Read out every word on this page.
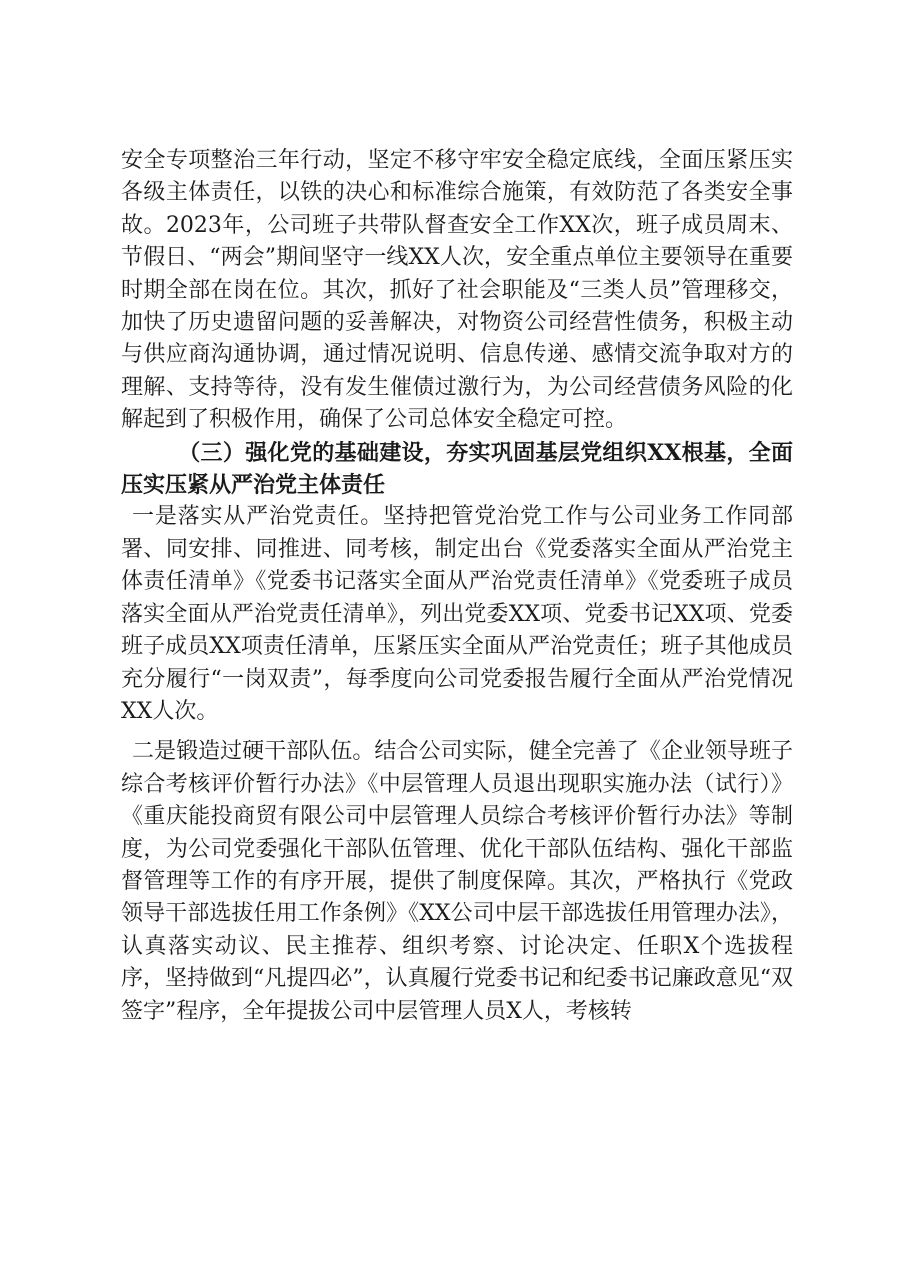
安全专项整治三年行动，坚定不移守牢安全稳定底线，全面压紧压实各级主体责任，以铁的决心和标准综合施策，有效防范了各类安全事故。2023年，公司班子共带队督查安全工作XX次，班子成员周末、节假日、“两会”期间坚守一线XX人次，安全重点单位主要领导在重要时期全部在岗在位。其次，抓好了社会职能及“三类人员”管理移交，加快了历史遗留问题的妥善解决，对物资公司经营性债务，积极主动与供应商沟通协调，通过情况说明、信息传递、感情交流争取对方的理解、支持等待，没有发生催债过激行为，为公司经营债务风险的化解起到了积极作用，确保了公司总体安全稳定可控。

（三）强化党的基础建设，夯实巩固基层党组织XX根基，全面压实压紧从严治党主体责任

一是落实从严治党责任。坚持把管党治党工作与公司业务工作同部署、同安排、同推进、同考核，制定出台《党委落实全面从严治党主体责任清单》《党委书记落实全面从严治党责任清单》《党委班子成员落实全面从严治党责任清单》，列出党委XX项、党委书记XX项、党委班子成员XX项责任清单，压紧压实全面从严治党责任；班子其他成员充分履行“一岗双责”，每季度向公司党委报告履行全面从严治党情况XX人次。

二是锻造过硬干部队伍。结合公司实际，健全完善了《企业领导班子综合考核评价暂行办法》《中层管理人员退出现职实施办法（试行）》《重庆能投商贸有限公司中层管理人员综合考核评价暂行办法》等制度，为公司党委强化干部队伍管理、优化干部队伍结构、强化干部监督管理等工作的有序开展，提供了制度保障。其次，严格执行《党政领导干部选拔任用工作条例》《XX公司中层干部选拔任用管理办法》，认真落实动议、民主推荐、组织考察、讨论决定、任职X个选拔程序，坚持做到“凡提四必”，认真履行党委书记和纪委书记廉政意见“双签字”程序，全年提拔公司中层管理人员X人，考核转
